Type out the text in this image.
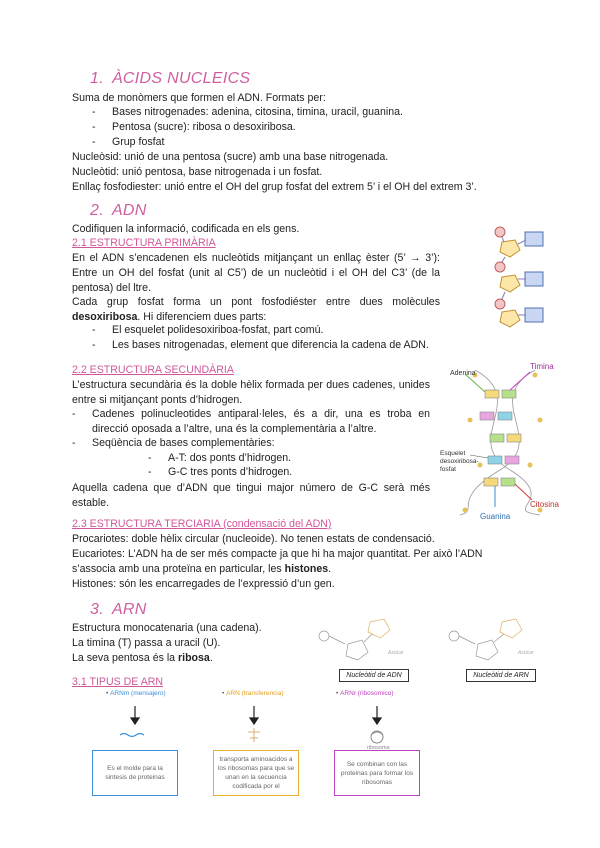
1. ÀCIDS NUCLEICS
Suma de monòmers que formen el ADN. Formats per:
- Bases nitrogenades: adenina, citosina, timina, uracil, guanina.
- Pentosa (sucre): ribosa o desoxiribosa.
- Grup fosfat
Nucleòsid: unió de una pentosa (sucre) amb una base nitrogenada.
Nucleòtid: unió pentosa, base nitrogenada i un fosfat.
Enllaç fosfodiester: unió entre el OH del grup fosfat del extrem 5’ i el OH del extrem 3’.
2. ADN
Codifiquen la informació, codificada en els gens.
2.1 ESTRUCTURA PRIMÀRIA
En el ADN s’encadenen els nucleòtids mitjançant un enllaç èster (5’ → 3’): Entre un OH del fosfat (unit al C5’) de un nucleòtid i el OH del C3’ (de la pentosa) del ltre.
Cada grup fosfat forma un pont fosfodiéster entre dues molècules desoxiribosa. Hi diferenciem dues parts:
- El esquelet polidesoxiriboa-fosfat, part comú.
- Les bases nitrogenadas, element que diferencia la cadena de ADN.
2.2 ESTRUCTURA SECUNDÀRIA
L’estructura secundària és la doble hèlix formada per dues cadenes, unides entre si mitjançant ponts d’hidrogen.
-	Cadenes polinucleotides antiparal·leles, és a dir, una es troba en direcció oposada a l’altre, una és la complementària a l’altre.
- Seqüència de bases complementàries:
- A-T: dos ponts d’hidrogen.
- G-C tres ponts d’hidrogen.
Aquella cadena que d’ADN que tingui major número de G-C serà més estable.
Adenina
Timina
Esquelet desoxiribosa-fosfat
Guanina
Citosina
2.3 ESTRUCTURA TERCIARIA (condensació del ADN)
Procariotes: doble hèlix circular (nucleoide). No tenen estats de condensació.
Eucariotes: L’ADN ha de ser més compacte ja que hi ha major quantitat. Per això l’ADN
s’associa amb una proteïna en particular, les histones.
Histones: són les encarregades de l’expressió d’un gen.
3. ARN
Estructura monocatenaria (una cadena).
La timina (T) passa a uracil (U).
La seva pentosa és la ribosa.	Azúcar	Azúcar
Nucleòtid de ADN	Nucleòtid de ARN
3.1 TIPUS DE ARN
• ARNm (mensajero)	• ARN (transferencia)	• ARNr (ribosomico)
ribosoma
Es el molde para la sintesis de proteinas
transporta aminoacidos a los ribosomas para que se unan en la secuencia codificada por el
Se combinan con las proteinas para formar los ribosomas
